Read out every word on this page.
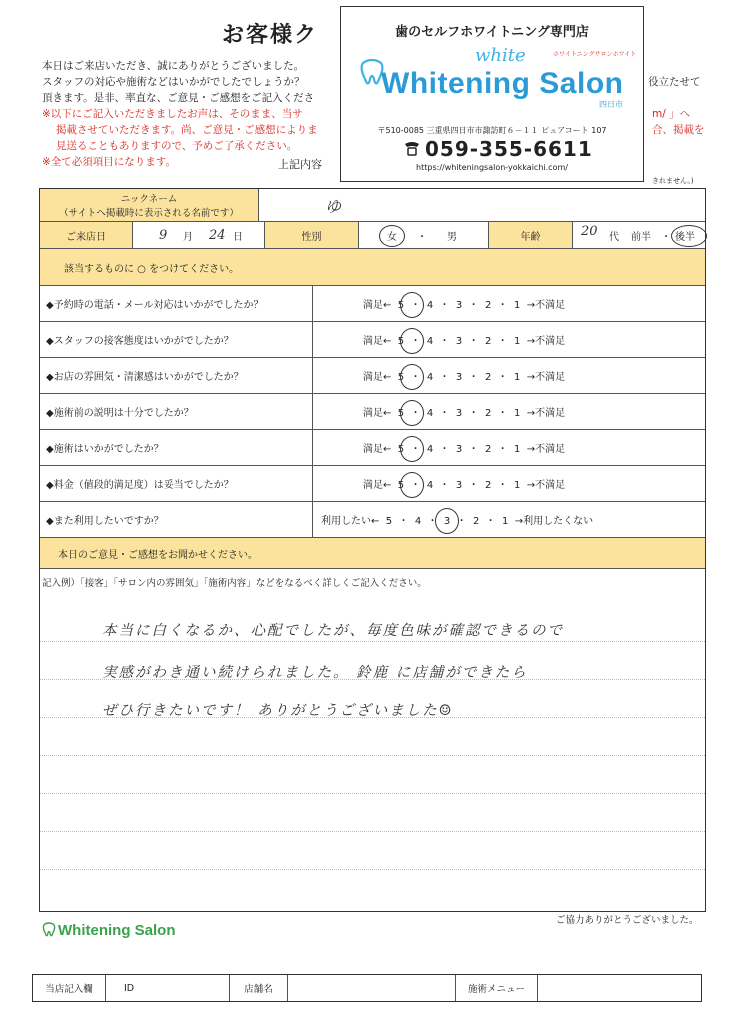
お客様ク
本日はご来店いただき、誠にありがとうございました。
スタッフの対応や施術などはいかがでしたでしょうか？
頂きます。是非、率直な、ご意見・ご感想をご記入くださ
役立たせて
※以下にご記入いただきましたお声は、そのまま、当サ
掲載させていただきます。尚、ご意見・ご感想によりま
見送ることもありますので、予めご了承ください。
※全て必須項目になります。
m/ 」へ
合、掲載を
上記内容
きれません。)
歯のセルフホワイトニング専門店
white	ホワイトニングサロンホワイト
Whitening Salon
四日市
〒510-0085 三重県四日市市諏訪町６－１１ ピュアコート 107
059-355-6611
https://whiteningsalon-yokkaichi.com/
ニックネーム
（サイトへ掲載時に表示される名前です）	ゆ
ご来店日	9 月 24 日	性別	女 ・ 男	年齢	20 代 前半 ・ 後半
該当するものに ○ をつけてください。
◆予約時の電話・メール対応はいかがでしたか？	満足←  5  ・  4  ・  3  ・  2  ・  1  →不満足
◆スタッフの接客態度はいかがでしたか？	満足←  5  ・  4  ・  3  ・  2  ・  1  →不満足
◆お店の雰囲気・清潔感はいかがでしたか？	満足←  5  ・  4  ・  3  ・  2  ・  1  →不満足
◆施術前の説明は十分でしたか？	満足←  5  ・  4  ・  3  ・  2  ・  1  →不満足
◆施術はいかがでしたか？	満足←  5  ・  4  ・  3  ・  2  ・  1  →不満足
◆料金（値段的満足度）は妥当でしたか？	満足←  5  ・  4  ・  3  ・  2  ・  1  →不満足
◆また利用したいですか？	利用したい←  5  ・  4  ・  3  ・  2  ・  1  →利用したくない
本日のご意見・ご感想をお聞かせください。
記入例）「接客」「サロン内の雰囲気」「施術内容」などをなるべく詳しくご記入ください。
本当に白くなるか、心配でしたが、毎度色味が確認できるので
実感がわき通い続けられました。 鈴鹿 に店舗ができたら
ぜひ行きたいです！ ありがとうございました☺
Whitening Salon
ご協力ありがとうございました。
当店記入欄	ID	店舗名	施術メニュー
